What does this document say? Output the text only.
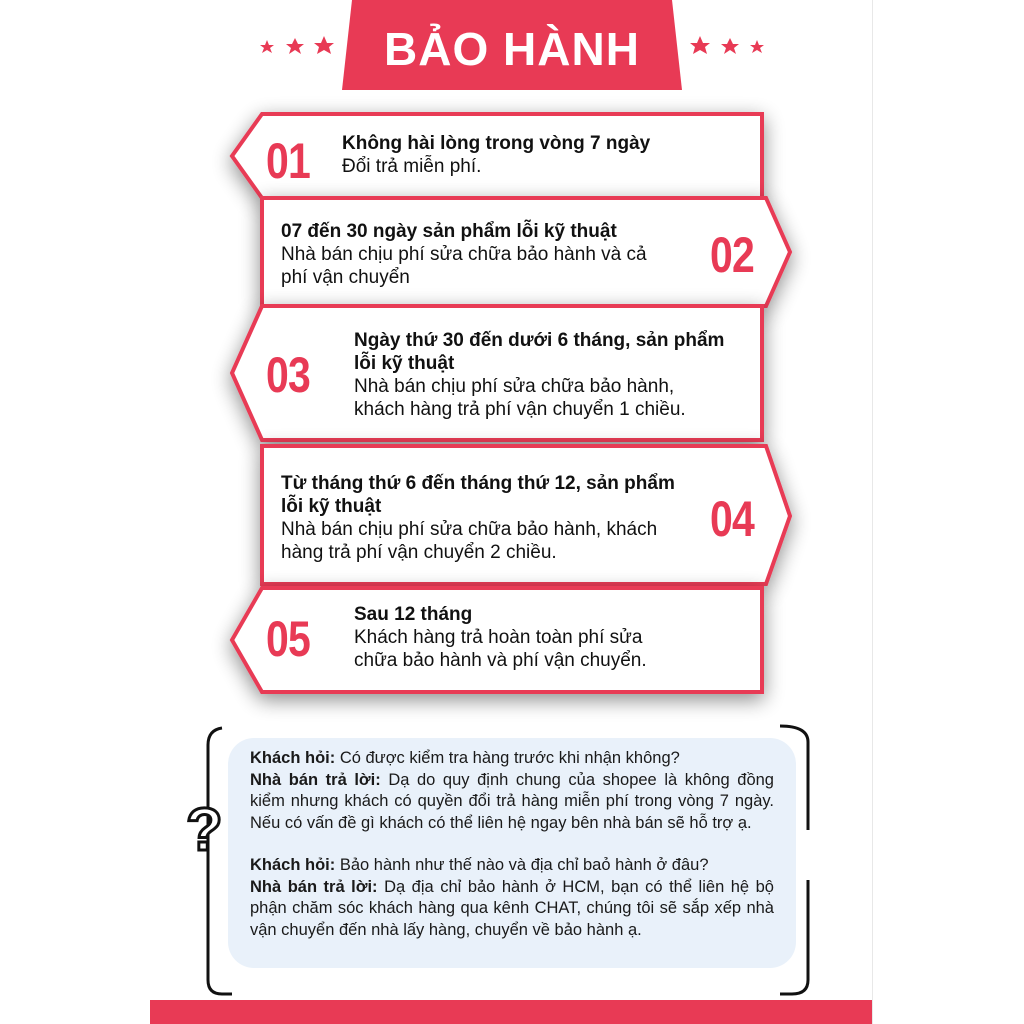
BẢO HÀNH
01 Không hài lòng trong vòng 7 ngày
Đổi trả miễn phí.
02
07 đến 30 ngày sản phẩm lỗi kỹ thuật
Nhà bán chịu phí sửa chữa bảo hành và cả
phí vận chuyển
03
Ngày thứ 30 đến dưới 6 tháng, sản phẩm
lỗi kỹ thuật
Nhà bán chịu phí sửa chữa bảo hành,
khách hàng trả phí vận chuyển 1 chiều.
04
Từ tháng thứ 6 đến tháng thứ 12, sản phẩm
lỗi kỹ thuật
Nhà bán chịu phí sửa chữa bảo hành, khách
hàng trả phí vận chuyển 2 chiều.
05 Sau 12 tháng
Khách hàng trả hoàn toàn phí sửa
chữa bảo hành và phí vận chuyển.
?

Khách hỏi: Có được kiểm tra hàng trước khi nhận không?

Nhà bán trả lời: Dạ do quy định chung của shopee là không đồng kiểm nhưng khách có quyền đổi trả hàng miễn phí trong vòng 7 ngày. Nếu có vấn đề gì khách có thể liên hệ ngay bên nhà bán sẽ hỗ trợ ạ.

Khách hỏi: Bảo hành như thế nào và địa chỉ baỏ hành ở đâu?

Nhà bán trả lời: Dạ địa chỉ bảo hành ở HCM, bạn có thể liên hệ bộ phận chăm sóc khách hàng qua kênh CHAT, chúng tôi sẽ sắp xếp nhà vận chuyển đến nhà lấy hàng, chuyển về bảo hành ạ.
